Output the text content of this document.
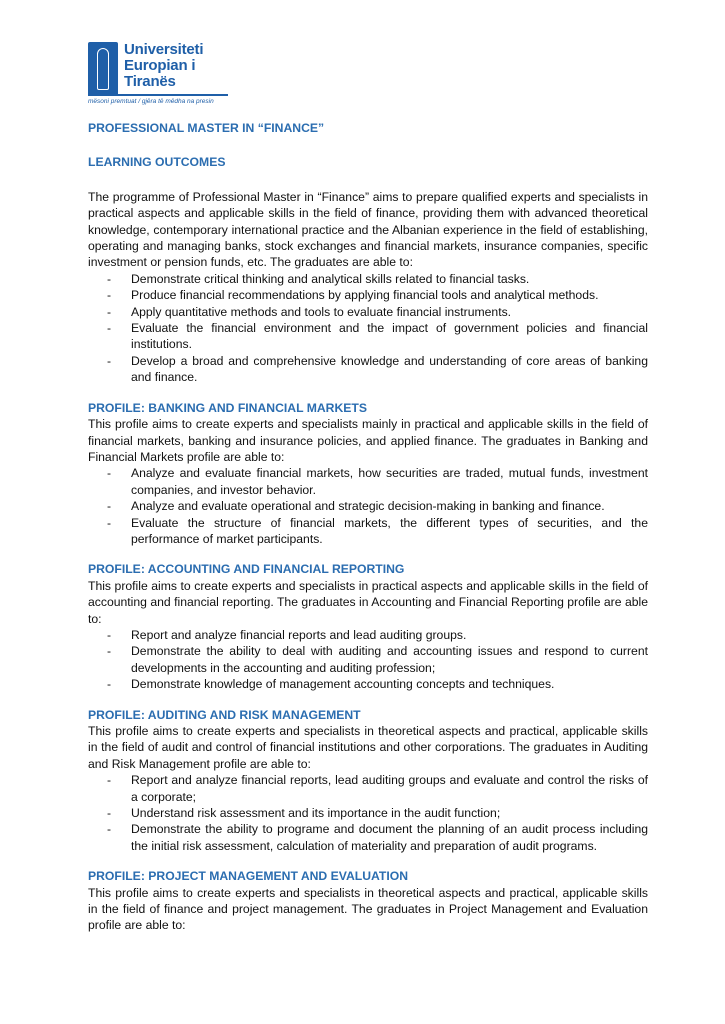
Universiteti
Europian i
Tiranës
mësoni premtuat / gjëra të mëdha na presin
PROFESSIONAL MASTER IN “FINANCE”
LEARNING OUTCOMES

The programme of Professional Master in “Finance” aims to prepare qualified experts and specialists in practical aspects and applicable skills in the field of finance, providing them with advanced theoretical knowledge, contemporary international practice and the Albanian experience in the field of establishing, operating and managing banks, stock exchanges and financial markets, insurance companies, specific investment or pension funds, etc. The graduates are able to:

- Demonstrate critical thinking and analytical skills related to financial tasks.
- Produce financial recommendations by applying financial tools and analytical methods.
- Apply quantitative methods and tools to evaluate financial instruments.
- Evaluate the financial environment and the impact of government policies and financial institutions.
- Develop a broad and comprehensive knowledge and understanding of core areas of banking and finance.
PROFILE: BANKING AND FINANCIAL MARKETS

This profile aims to create experts and specialists mainly in practical and applicable skills in the field of financial markets, banking and insurance policies, and applied finance. The graduates in Banking and Financial Markets profile are able to:

- Analyze and evaluate financial markets, how securities are traded, mutual funds, investment companies, and investor behavior.
- Analyze and evaluate operational and strategic decision-making in banking and finance.
- Evaluate the structure of financial markets, the different types of securities, and the performance of market participants.
PROFILE: ACCOUNTING AND FINANCIAL REPORTING

This profile aims to create experts and specialists in practical aspects and applicable skills in the field of accounting and financial reporting. The graduates in Accounting and Financial Reporting profile are able to:

- Report and analyze financial reports and lead auditing groups.
- Demonstrate the ability to deal with auditing and accounting issues and respond to current developments in the accounting and auditing profession;
- Demonstrate knowledge of management accounting concepts and techniques.
PROFILE: AUDITING AND RISK MANAGEMENT

This profile aims to create experts and specialists in theoretical aspects and practical, applicable skills in the field of audit and control of financial institutions and other corporations. The graduates in Auditing and Risk Management profile are able to:

- Report and analyze financial reports, lead auditing groups and evaluate and control the risks of a corporate;
- Understand risk assessment and its importance in the audit function;
- Demonstrate the ability to programe and document the planning of an audit process including the initial risk assessment, calculation of materiality and preparation of audit programs.
PROFILE: PROJECT MANAGEMENT AND EVALUATION

This profile aims to create experts and specialists in theoretical aspects and practical, applicable skills in the field of finance and project management. The graduates in Project Management and Evaluation profile are able to:
